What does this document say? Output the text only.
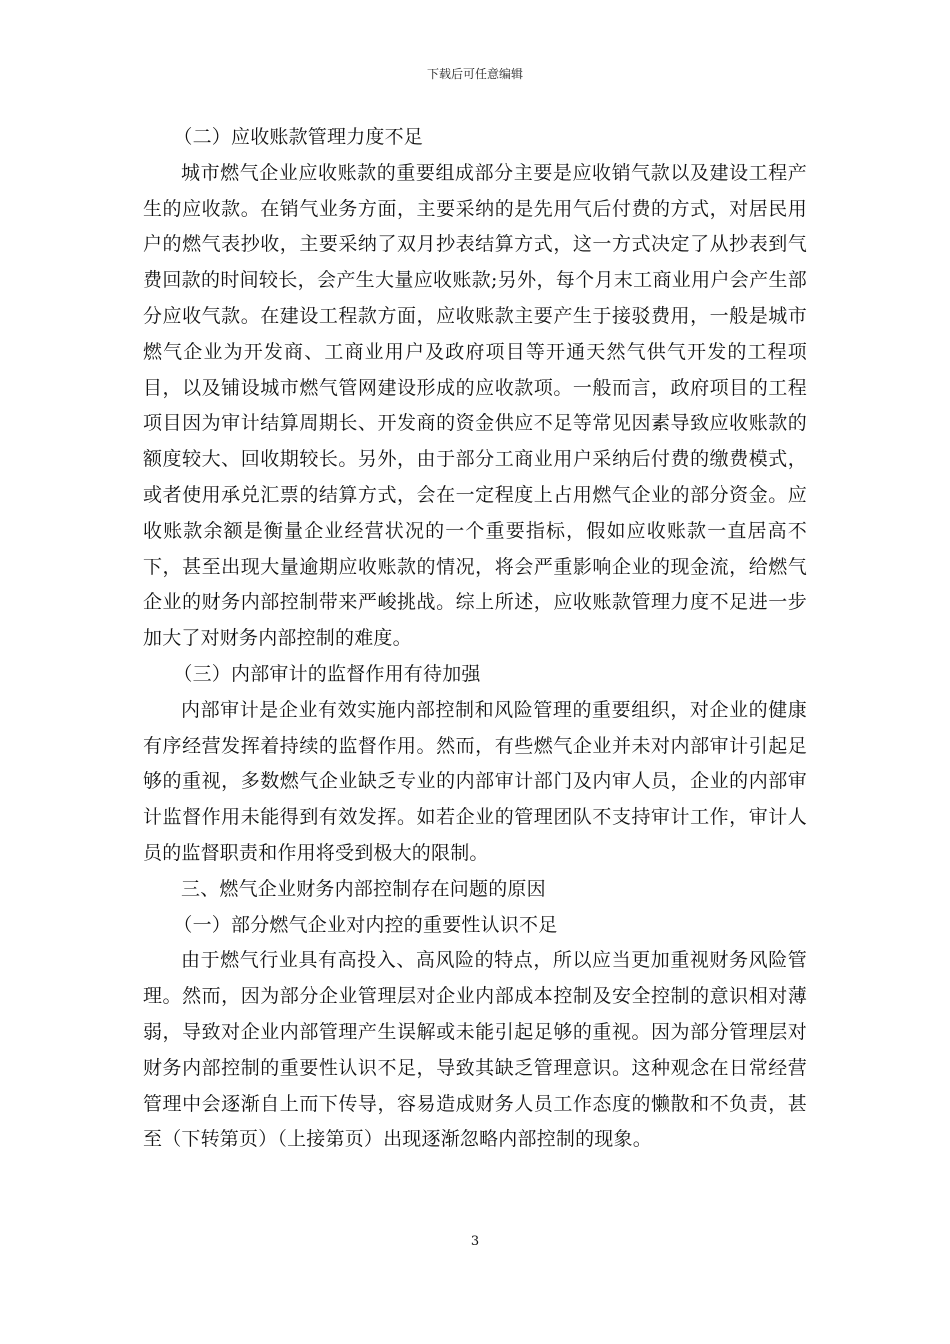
下载后可任意编辑

（二）应收账款管理力度不足

城市燃气企业应收账款的重要组成部分主要是应收销气款以及建设工程产生的应收款。在销气业务方面，主要采纳的是先用气后付费的方式，对居民用户的燃气表抄收，主要采纳了双月抄表结算方式，这一方式决定了从抄表到气费回款的时间较长，会产生大量应收账款;另外，每个月末工商业用户会产生部分应收气款。在建设工程款方面，应收账款主要产生于接驳费用，一般是城市燃气企业为开发商、工商业用户及政府项目等开通天然气供气开发的工程项目，以及铺设城市燃气管网建设形成的应收款项。一般而言，政府项目的工程项目因为审计结算周期长、开发商的资金供应不足等常见因素导致应收账款的额度较大、回收期较长。另外，由于部分工商业用户采纳后付费的缴费模式，或者使用承兑汇票的结算方式，会在一定程度上占用燃气企业的部分资金。应收账款余额是衡量企业经营状况的一个重要指标，假如应收账款一直居高不下，甚至出现大量逾期应收账款的情况，将会严重影响企业的现金流，给燃气企业的财务内部控制带来严峻挑战。综上所述，应收账款管理力度不足进一步加大了对财务内部控制的难度。

（三）内部审计的监督作用有待加强

内部审计是企业有效实施内部控制和风险管理的重要组织，对企业的健康有序经营发挥着持续的监督作用。然而，有些燃气企业并未对内部审计引起足够的重视，多数燃气企业缺乏专业的内部审计部门及内审人员，企业的内部审计监督作用未能得到有效发挥。如若企业的管理团队不支持审计工作，审计人员的监督职责和作用将受到极大的限制。

三、燃气企业财务内部控制存在问题的原因

（一）部分燃气企业对内控的重要性认识不足

由于燃气行业具有高投入、高风险的特点，所以应当更加重视财务风险管理。然而，因为部分企业管理层对企业内部成本控制及安全控制的意识相对薄弱，导致对企业内部管理产生误解或未能引起足够的重视。因为部分管理层对财务内部控制的重要性认识不足，导致其缺乏管理意识。这种观念在日常经营管理中会逐渐自上而下传导，容易造成财务人员工作态度的懒散和不负责，甚至（下转第页）（上接第页）出现逐渐忽略内部控制的现象。

3
